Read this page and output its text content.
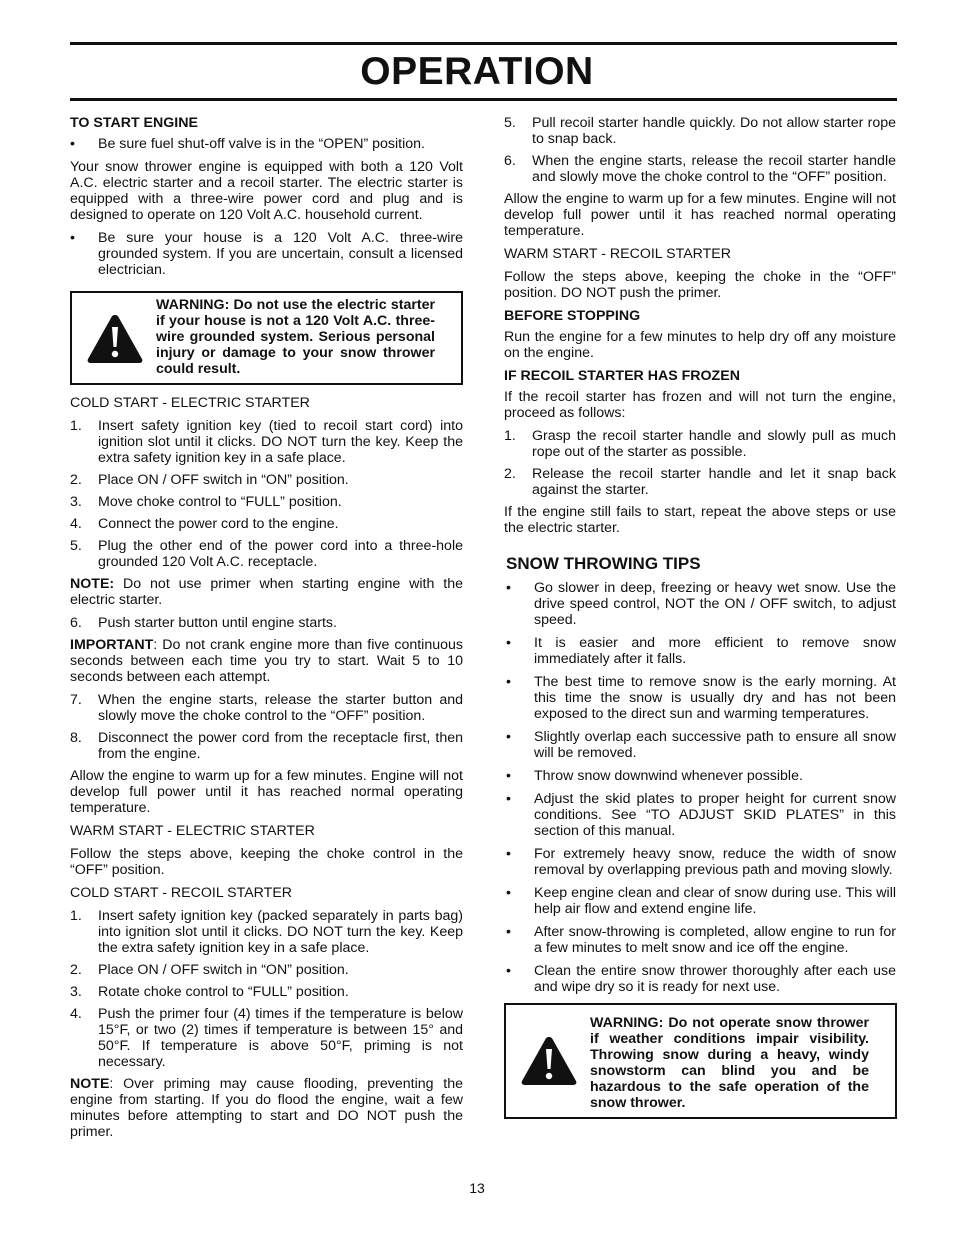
OPERATION
TO START ENGINE
• Be sure fuel shut-off valve is in the “OPEN” position.

Your snow thrower engine is equipped with both a 120 Volt A.C. electric starter and a recoil starter. The electric starter is equipped with a three-wire power cord and plug and is designed to operate on 120 Volt A.C. household current.

• Be sure your house is a 120 Volt A.C. three-wire grounded system. If you are uncertain, consult a licensed electrician.
WARNING: Do not use the electric starter if your house is not a 120 Volt A.C. three-wire grounded system. Serious personal injury or damage to your snow thrower could result.
COLD START - ELECTRIC STARTER
1. Insert safety ignition key (tied to recoil start cord) into ignition slot until it clicks. DO NOT turn the key. Keep the extra safety ignition key in a safe place.
2. Place ON / OFF switch in “ON” position.
3. Move choke control to “FULL” position.
4. Connect the power cord to the engine.
5. Plug the other end of the power cord into a three-hole grounded 120 Volt A.C. receptacle.

NOTE: Do not use primer when starting engine with the electric starter.

6. Push starter button until engine starts.

IMPORTANT: Do not crank engine more than five continuous seconds between each time you try to start. Wait 5 to 10 seconds between each attempt.

7. When the engine starts, release the starter button and slowly move the choke control to the “OFF” position.
8. Disconnect the power cord from the receptacle first, then from the engine.

Allow the engine to warm up for a few minutes. Engine will not develop full power until it has reached normal operating temperature.

WARM START - ELECTRIC STARTER

Follow the steps above, keeping the choke control in the “OFF” position.

COLD START - RECOIL STARTER
1. Insert safety ignition key (packed separately in parts bag) into ignition slot until it clicks. DO NOT turn the key. Keep the extra safety ignition key in a safe place.
2. Place ON / OFF switch in “ON” position.
3. Rotate choke control to “FULL” position.
4. Push the primer four (4) times if the temperature is below 15°F, or two (2) times if temperature is between 15° and 50°F. If temperature is above 50°F, priming is not necessary.

NOTE: Over priming may cause flooding, preventing the engine from starting. If you do flood the engine, wait a few minutes before attempting to start and DO NOT push the primer.

5. Pull recoil starter handle quickly. Do not allow starter rope to snap back.
6. When the engine starts, release the recoil starter handle and slowly move the choke control to the “OFF” position.

Allow the engine to warm up for a few minutes. Engine will not develop full power until it has reached normal operating temperature.

WARM START - RECOIL STARTER

Follow the steps above, keeping the choke in the “OFF” position. DO NOT push the primer.

BEFORE STOPPING

Run the engine for a few minutes to help dry off any moisture on the engine.

IF RECOIL STARTER HAS FROZEN

If the recoil starter has frozen and will not turn the engine, proceed as follows:

1. Grasp the recoil starter handle and slowly pull as much rope out of the starter as possible.
2. Release the recoil starter handle and let it snap back against the starter.

If the engine still fails to start, repeat the above steps or use the electric starter.

SNOW THROWING TIPS
• Go slower in deep, freezing or heavy wet snow. Use the drive speed control, NOT the ON / OFF switch, to adjust speed.
• It is easier and more efficient to remove snow immediately after it falls.
• The best time to remove snow is the early morning. At this time the snow is usually dry and has not been exposed to the direct sun and warming temperatures.
• Slightly overlap each successive path to ensure all snow will be removed.
• Throw snow downwind whenever possible.
• Adjust the skid plates to proper height for current snow conditions. See “TO ADJUST SKID PLATES” in this section of this manual.
• For extremely heavy snow, reduce the width of snow removal by overlapping previous path and moving slowly.
• Keep engine clean and clear of snow during use. This will help air flow and extend engine life.
• After snow-throwing is completed, allow engine to run for a few minutes to melt snow and ice off the engine.
• Clean the entire snow thrower thoroughly after each use and wipe dry so it is ready for next use.
WARNING: Do not operate snow thrower if weather conditions impair visibility. Throwing snow during a heavy, windy snowstorm can blind you and be hazardous to the safe operation of the snow thrower.
13
